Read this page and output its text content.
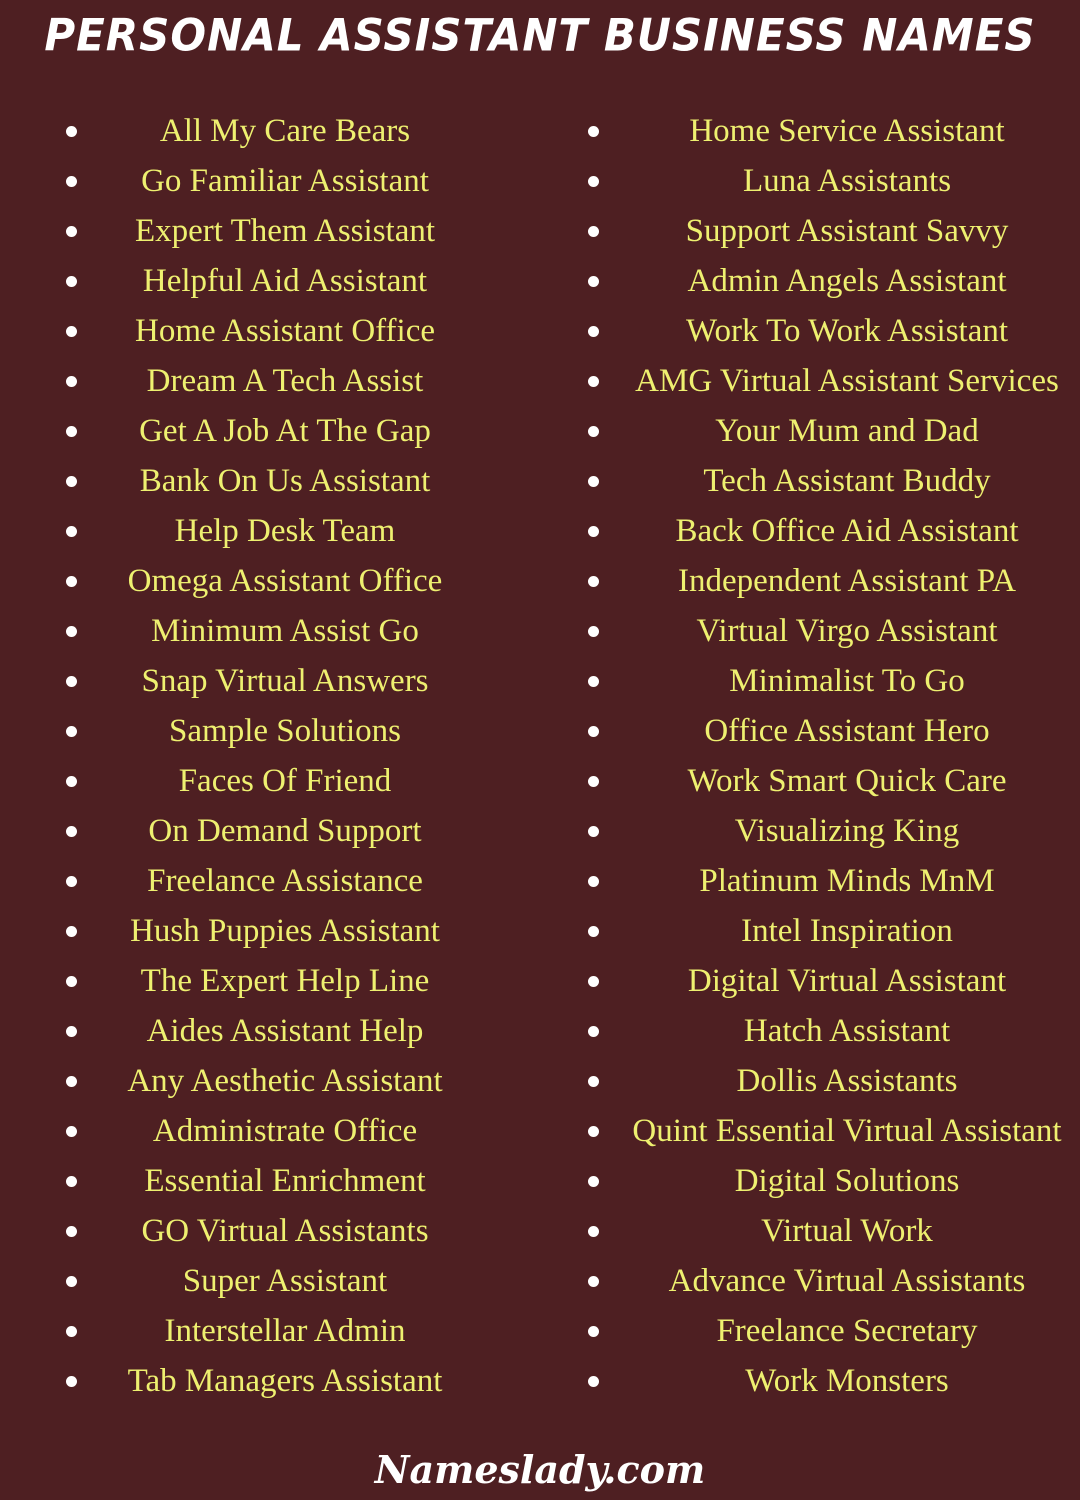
PERSONAL ASSISTANT BUSINESS NAMES
All My Care Bears
Go Familiar Assistant
Expert Them Assistant
Helpful Aid Assistant
Home Assistant Office
Dream A Tech Assist
Get A Job At The Gap
Bank On Us Assistant
Help Desk Team
Omega Assistant Office
Minimum Assist Go
Snap Virtual Answers
Sample Solutions
Faces Of Friend
On Demand Support
Freelance Assistance
Hush Puppies Assistant
The Expert Help Line
Aides Assistant Help
Any Aesthetic Assistant
Administrate Office
Essential Enrichment
GO Virtual Assistants
Super Assistant
Interstellar Admin
Tab Managers Assistant
Home Service Assistant
Luna Assistants
Support Assistant Savvy
Admin Angels Assistant
Work To Work Assistant
AMG Virtual Assistant Services
Your Mum and Dad
Tech Assistant Buddy
Back Office Aid Assistant
Independent Assistant PA
Virtual Virgo Assistant
Minimalist To Go
Office Assistant Hero
Work Smart Quick Care
Visualizing King
Platinum Minds MnM
Intel Inspiration
Digital Virtual Assistant
Hatch Assistant
Dollis Assistants
Quint Essential Virtual Assistant
Digital Solutions
Virtual Work
Advance Virtual Assistants
Freelance Secretary
Work Monsters
Nameslady.com
